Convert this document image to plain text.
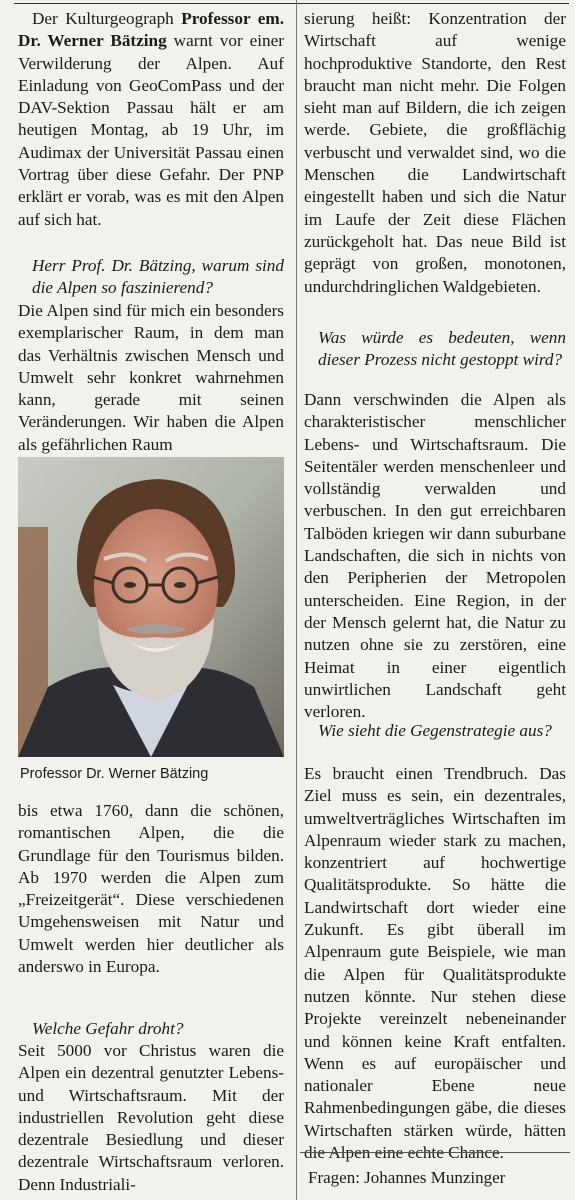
Der Kulturgeograph Professor em. Dr. Werner Bätzing warnt vor einer Verwilderung der Alpen. Auf Einladung von GeoComPass und der DAV-Sektion Passau hält er am heutigen Montag, ab 19 Uhr, im Audimax der Universität Passau einen Vortrag über diese Gefahr. Der PNP erklärt er vorab, was es mit den Alpen auf sich hat.

Herr Prof. Dr. Bätzing, warum sind die Alpen so faszinierend?

Die Alpen sind für mich ein besonders exemplarischer Raum, in dem man das Verhältnis zwischen Mensch und Umwelt sehr konkret wahrnehmen kann, gerade mit seinen Veränderungen. Wir haben die Alpen als gefährlichen Raum

Professor Dr. Werner Bätzing

bis etwa 1760, dann die schönen, romantischen Alpen, die die Grundlage für den Tourismus bilden. Ab 1970 werden die Alpen zum „Freizeitgerät“. Diese verschiedenen Umgehensweisen mit Natur und Umwelt werden hier deutlicher als anderswo in Europa.

Welche Gefahr droht?

Seit 5000 vor Christus waren die Alpen ein dezentral genutzter Lebens- und Wirtschaftsraum. Mit der industriellen Revolution geht diese dezentrale Besiedlung und dieser dezentrale Wirtschaftsraum verloren. Denn Industriali-

sierung heißt: Konzentration der Wirtschaft auf wenige hochproduktive Standorte, den Rest braucht man nicht mehr. Die Folgen sieht man auf Bildern, die ich zeigen werde. Gebiete, die großflächig verbuscht und verwaldet sind, wo die Menschen die Landwirtschaft eingestellt haben und sich die Natur im Laufe der Zeit diese Flächen zurückgeholt hat. Das neue Bild ist geprägt von großen, monotonen, undurchdringlichen Waldgebieten.

Was würde es bedeuten, wenn dieser Prozess nicht gestoppt wird?

Dann verschwinden die Alpen als charakteristischer menschlicher Lebens- und Wirtschaftsraum. Die Seitentäler werden menschenleer und vollständig verwalden und verbuschen. In den gut erreichbaren Talböden kriegen wir dann suburbane Landschaften, die sich in nichts von den Peripherien der Metropolen unterscheiden. Eine Region, in der der Mensch gelernt hat, die Natur zu nutzen ohne sie zu zerstören, eine Heimat in einer eigentlich unwirtlichen Landschaft geht verloren.

Wie sieht die Gegenstrategie aus?

Es braucht einen Trendbruch. Das Ziel muss es sein, ein dezentrales, umweltverträgliches Wirtschaften im Alpenraum wieder stark zu machen, konzentriert auf hochwertige Qualitätsprodukte. So hätte die Landwirtschaft dort wieder eine Zukunft. Es gibt überall im Alpenraum gute Beispiele, wie man die Alpen für Qualitätsprodukte nutzen könnte. Nur stehen diese Projekte vereinzelt nebeneinander und können keine Kraft entfalten. Wenn es auf europäischer und nationaler Ebene neue Rahmenbedingungen gäbe, die dieses Wirtschaften stärken würde, hätten die Alpen eine echte Chance.

Fragen: Johannes Munzinger
